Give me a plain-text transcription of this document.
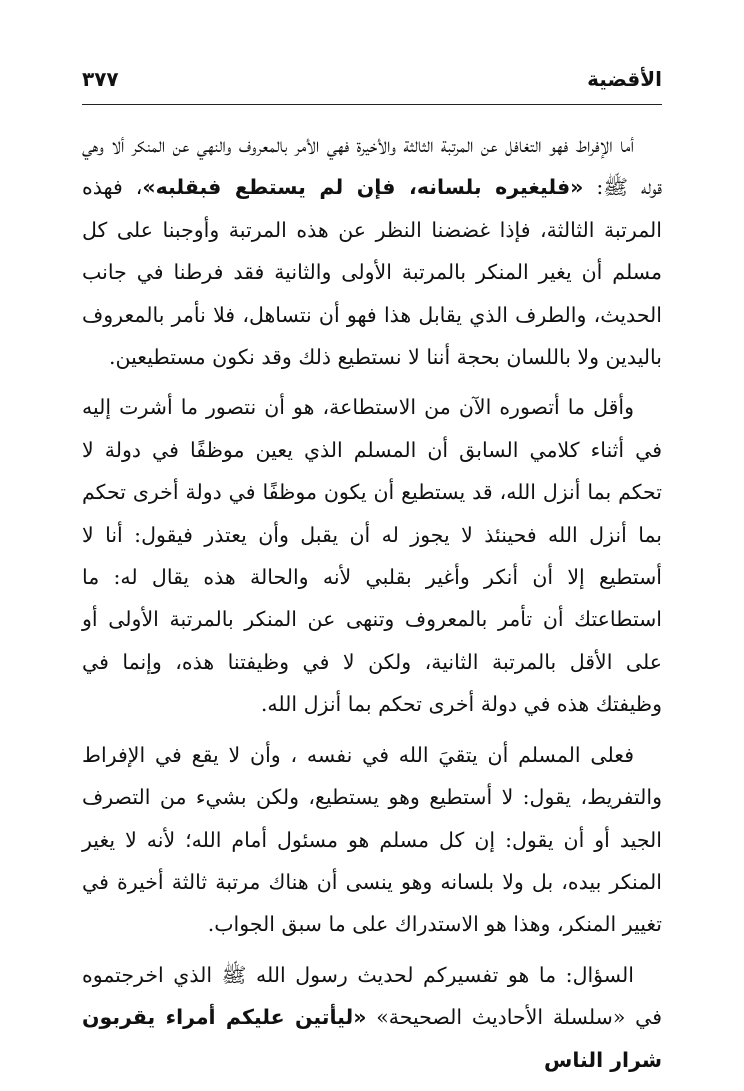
الأقضية
٣٧٧

أما الإفراط فهو التغافل عن المرتبة الثالثة والأخيرة فهي الأمر بالمعروف والنهي عن المنكر ألا وهي قوله ﷺ: «فليغيره بلسانه، فإن لم يستطع فبقلبه»، فهذه المرتبة الثالثة، فإذا غضضنا النظر عن هذه المرتبة وأوجبنا على كل مسلم أن يغير المنكر بالمرتبة الأولى والثانية فقد فرطنا في جانب الحديث، والطرف الذي يقابل هذا فهو أن نتساهل، فلا نأمر بالمعروف باليدين ولا باللسان بحجة أننا لا نستطيع ذلك وقد نكون مستطيعين.

وأقل ما أتصوره الآن من الاستطاعة، هو أن نتصور ما أشرت إليه في أثناء كلامي السابق أن المسلم الذي يعين موظفًا في دولة لا تحكم بما أنزل الله، قد يستطيع أن يكون موظفًا في دولة أخرى تحكم بما أنزل الله فحينئذ لا يجوز له أن يقبل وأن يعتذر فيقول: أنا لا أستطيع إلا أن أنكر وأغير بقلبي لأنه والحالة هذه يقال له: ما استطاعتك أن تأمر بالمعروف وتنهى عن المنكر بالمرتبة الأولى أو على الأقل بالمرتبة الثانية، ولكن لا في وظيفتنا هذه، وإنما في وظيفتك هذه في دولة أخرى تحكم بما أنزل الله.

فعلى المسلم أن يتقيَ الله في نفسه ، وأن لا يقع في الإفراط والتفريط، يقول: لا أستطيع وهو يستطيع، ولكن بشيء من التصرف الجيد أو أن يقول: إن كل مسلم هو مسئول أمام الله؛ لأنه لا يغير المنكر بيده، بل ولا بلسانه وهو ينسى أن هناك مرتبة ثالثة أخيرة في تغيير المنكر، وهذا هو الاستدراك على ما سبق الجواب.

السؤال: ما هو تفسيركم لحديث رسول الله ﷺ الذي اخرجتموه في «سلسلة الأحاديث الصحيحة» «ليأتين عليكم أمراء يقربون شرار الناس
